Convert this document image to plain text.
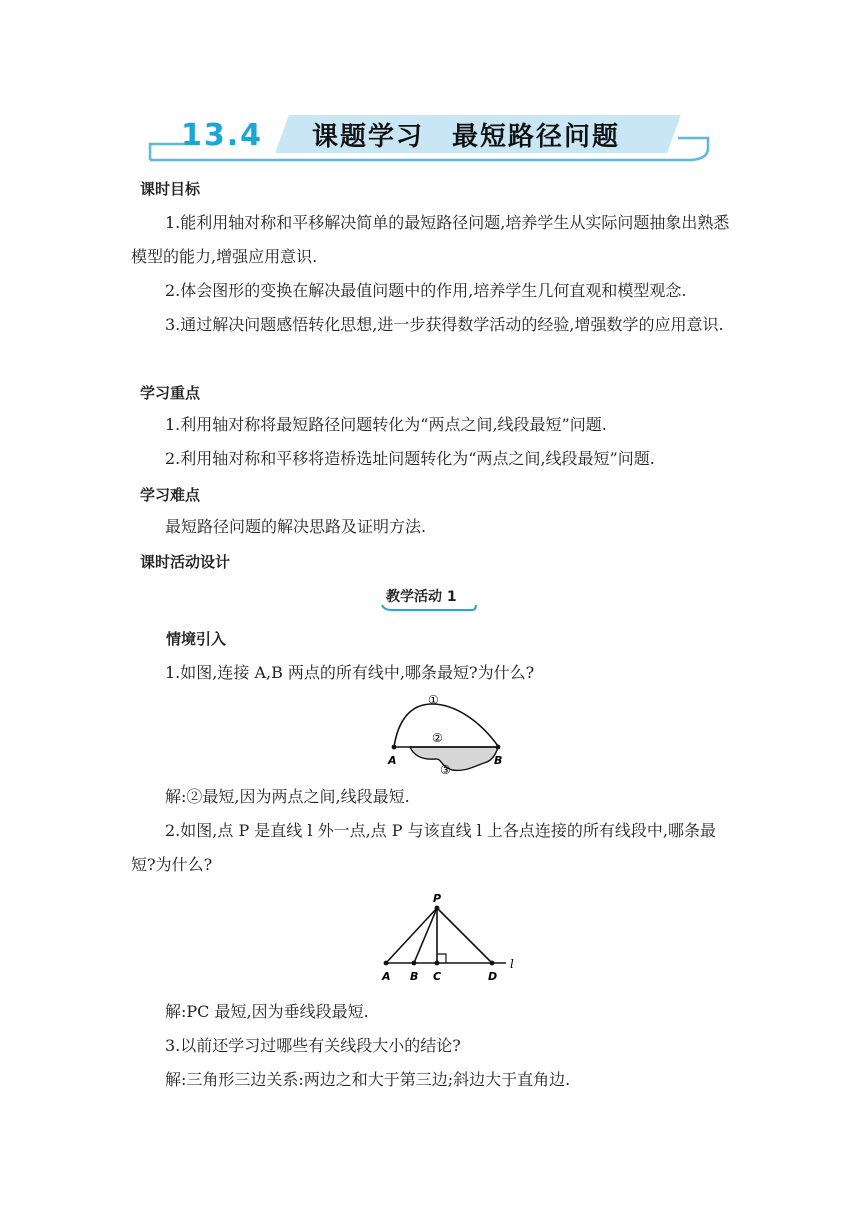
13.4 课题学习　最短路径问题
课时目标
1.能利用轴对称和平移解决简单的最短路径问题,培养学生从实际问题抽象出熟悉模型的能力,增强应用意识.
2.体会图形的变换在解决最值问题中的作用,培养学生几何直观和模型观念.
3.通过解决问题感悟转化思想,进一步获得数学活动的经验,增强数学的应用意识.
学习重点
1.利用轴对称将最短路径问题转化为“两点之间,线段最短”问题.
2.利用轴对称和平移将造桥选址问题转化为“两点之间,线段最短”问题.
学习难点
最短路径问题的解决思路及证明方法.
课时活动设计
教学活动 1
情境引入
1.如图,连接 A,B 两点的所有线中,哪条最短?为什么?
①
②
③
A	B
解:②最短,因为两点之间,线段最短.
2.如图,点 P 是直线 l 外一点,点 P 与该直线 l 上各点连接的所有线段中,哪条最短?为什么?
P
A B C	D
l
解:PC 最短,因为垂线段最短.
3.以前还学习过哪些有关线段大小的结论?
解:三角形三边关系:两边之和大于第三边;斜边大于直角边.
